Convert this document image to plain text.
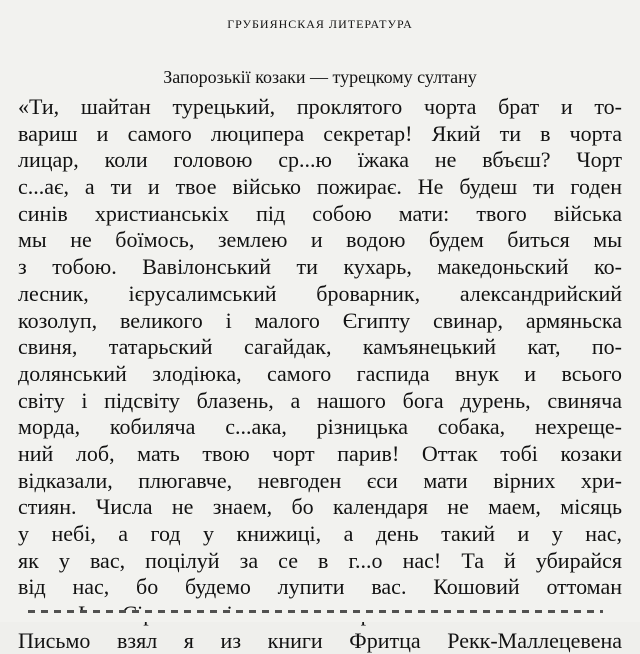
ГРУБИЯНСКАЯ ЛИТЕРАТУРА
Запорозькії козаки — турецкому султану
«Ти, шайтан турецький, проклятого чорта брат и то-
вариш и самого люципера секретар! Який ти в чорта
лицар, коли головою ср...ю їжака не вбъєш? Чорт
с...ає, а ти и твое військо пожирає. Не будеш ти годен
синів христианськіх під собою мати: твого війська
мы не боїмось, землею и водою будем биться мы
з тобою. Вавілонський ти кухарь, македоньский ко-
лесник, ієрусалимський броварник, александрийский
козолуп, великого і малого Єгипту свинар, армяньска
свиня, татарьский сагайдак, камъянецький кат, по-
долянський злодіюка, самого гаспида внук и всього
світу і підсвіту блазень, а нашого бога дурень, свиняча
морда, кобиляча с...ака, різницька собака, нехреще-
ний лоб, мать твою чорт парив! Оттак тобі козаки
відказали, плюгавче, невгоден єси мати вірних хри-
стиян. Числа не знаем, бо календаря не маем, місяць
у небі, а год у книжиці, а день такий и у нас,
як у вас, поцілуй за се в г...о нас! Та й убирайся
від нас, бо будемо лупити вас. Кошовий оттоман
Письмо взял я из книги Фритца Рекк-Маллецевена
